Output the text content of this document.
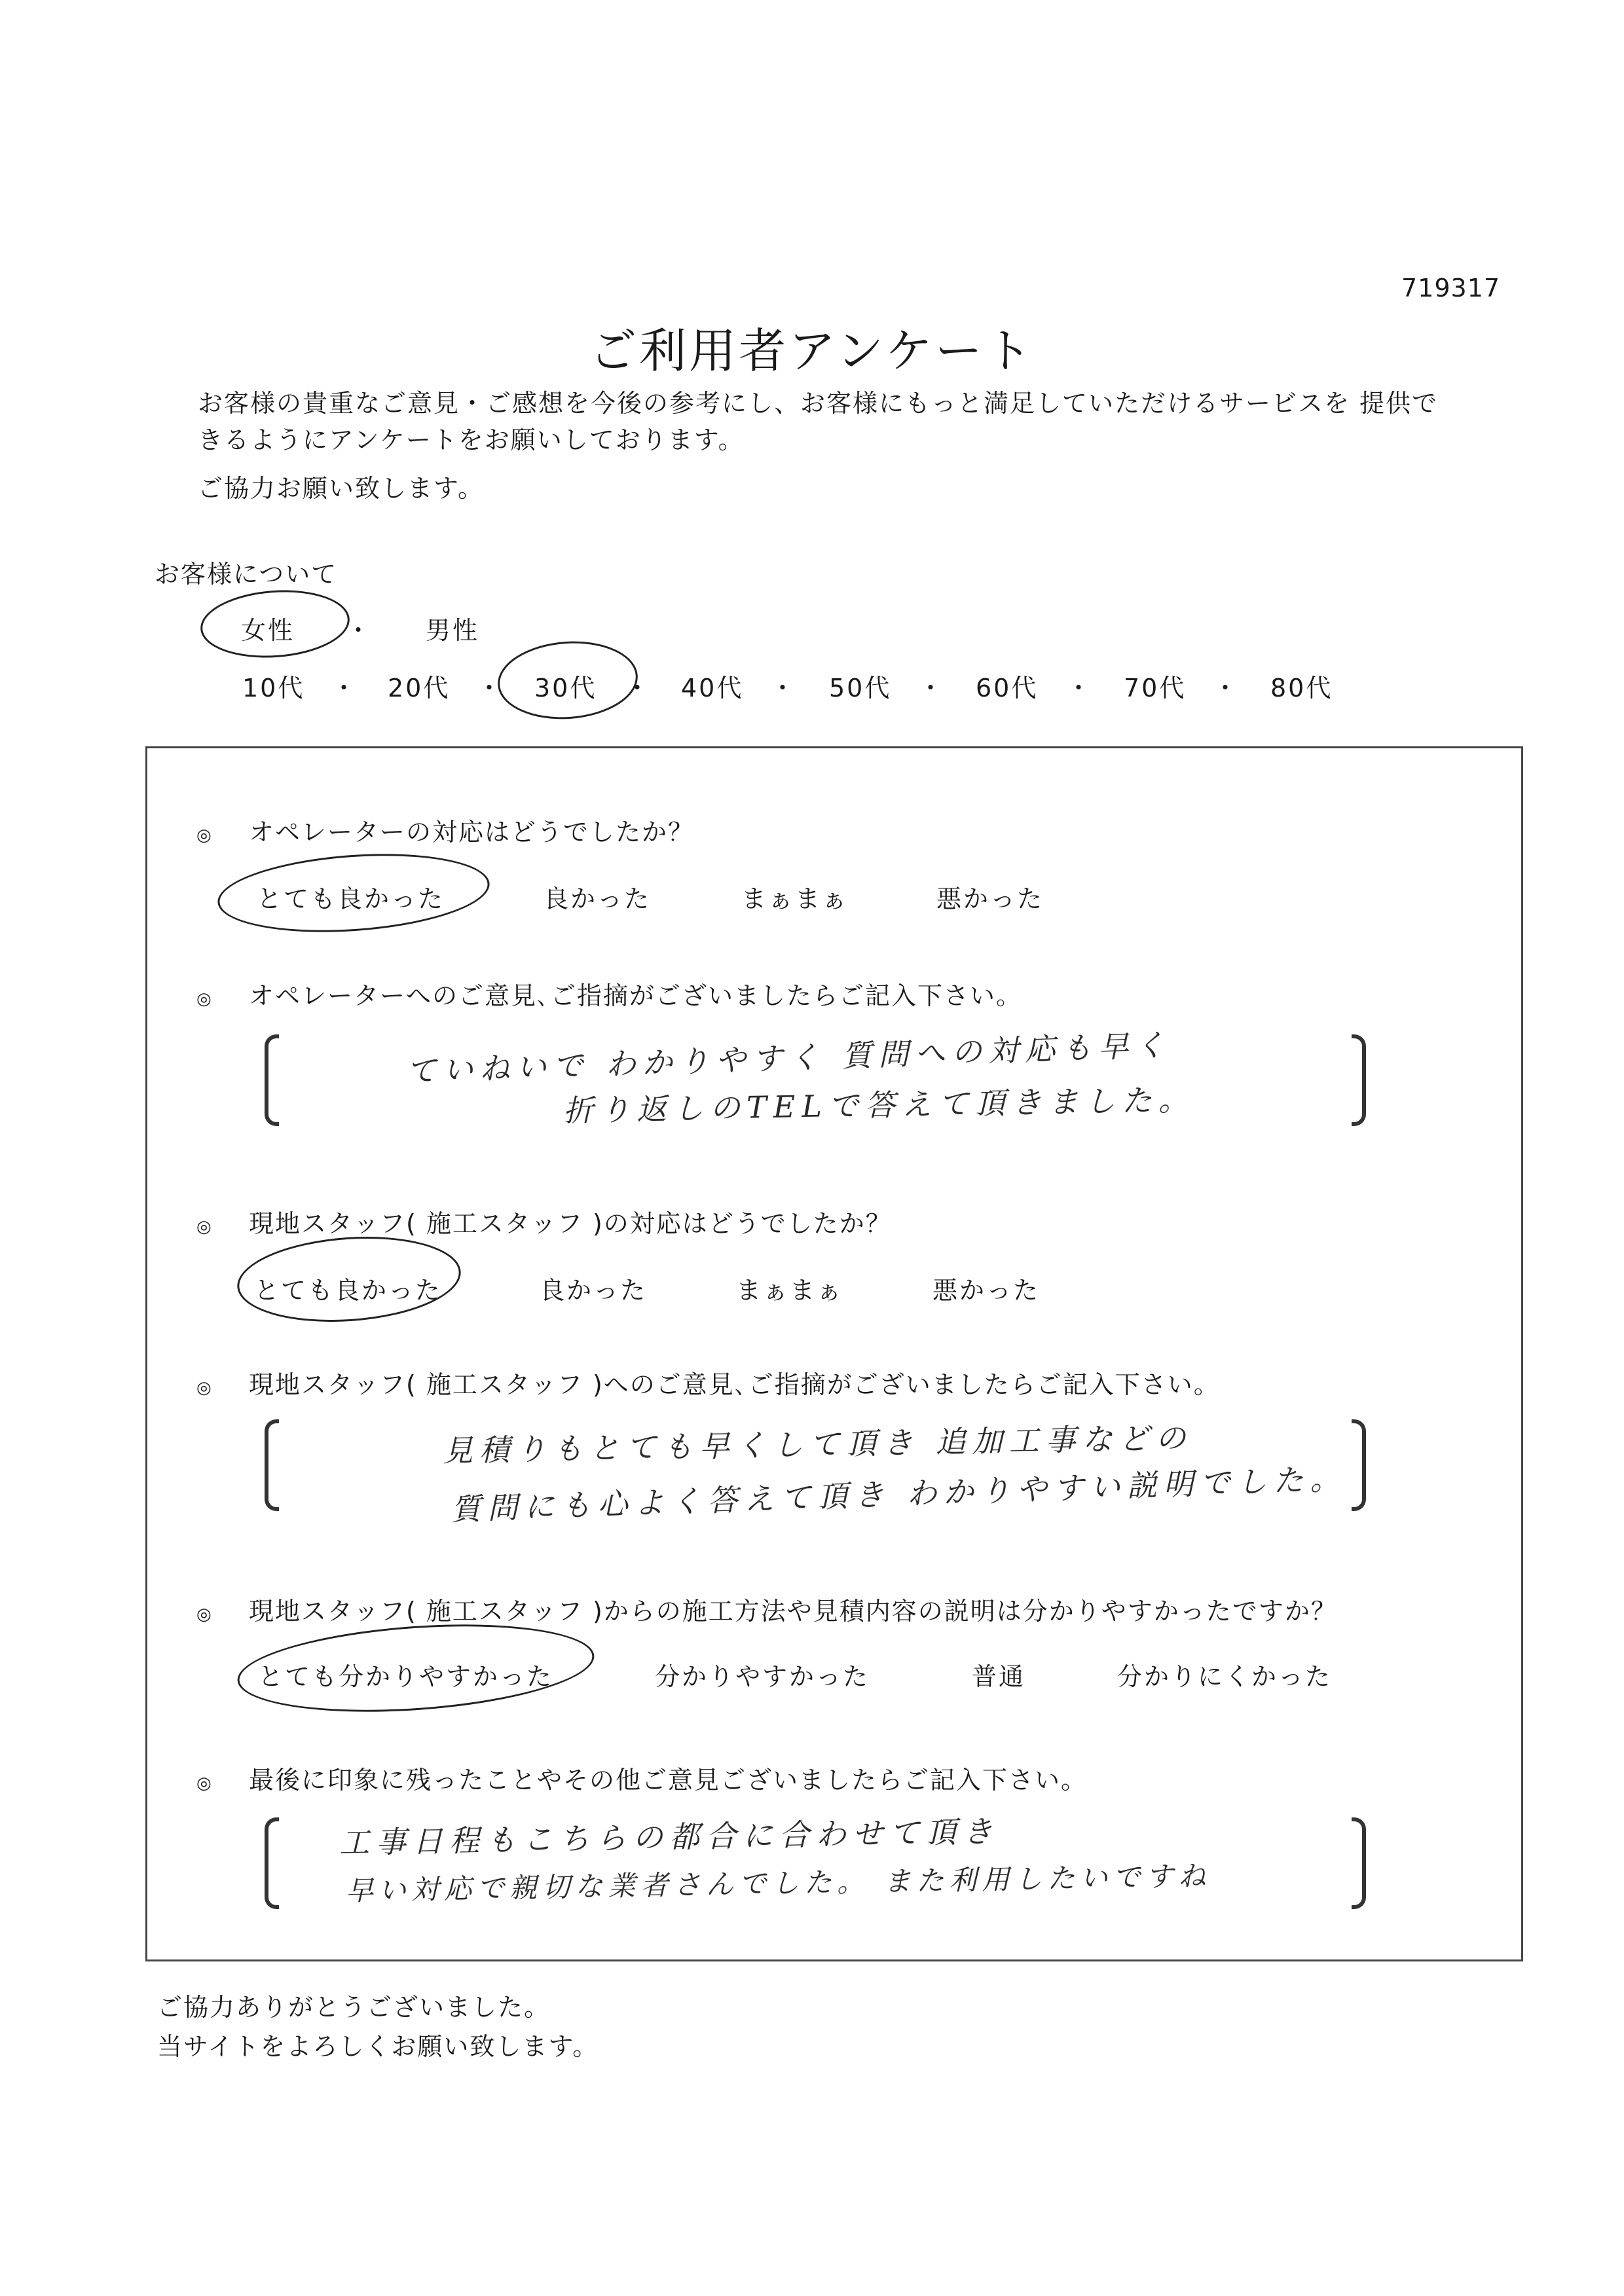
719317
ご利用者アンケート
お客様の貴重なご意見・ご感想を今後の参考にし、お客様にもっと満足していただけるサービスを 提供で
きるようにアンケートをお願いしております。
ご協力お願い致します。
お客様について
女性 ・ 男性
10代 ・ 20代 ・ 30代 ・ 40代 ・ 50代 ・ 60代 ・ 70代 ・ 80代
◎ オペレーターの対応はどうでしたか？
とても良かった	良かった	まぁまぁ	悪かった
◎ オペレーターへのご意見､ご指摘がございましたらご記入下さい。
ていねいで わかりやすく 質問への対応も早く
折り返しのTELで答えて頂きました。
◎ 現地スタッフ( 施工スタッフ )の対応はどうでしたか？
とても良かった	良かった	まぁまぁ	悪かった
◎ 現地スタッフ( 施工スタッフ )へのご意見､ご指摘がございましたらご記入下さい。
見積りもとても早くして頂き 追加工事などの
質問にも心よく答えて頂き わかりやすい説明でした。
◎ 現地スタッフ( 施工スタッフ )からの施工方法や見積内容の説明は分かりやすかったですか？
とても分かりやすかった	分かりやすかった	普通	分かりにくかった
◎ 最後に印象に残ったことやその他ご意見ございましたらご記入下さい。
工事日程もこちらの都合に合わせて頂き
早い対応で親切な業者さんでした。 また利用したいですね
ご協力ありがとうございました。
当サイトをよろしくお願い致します。
